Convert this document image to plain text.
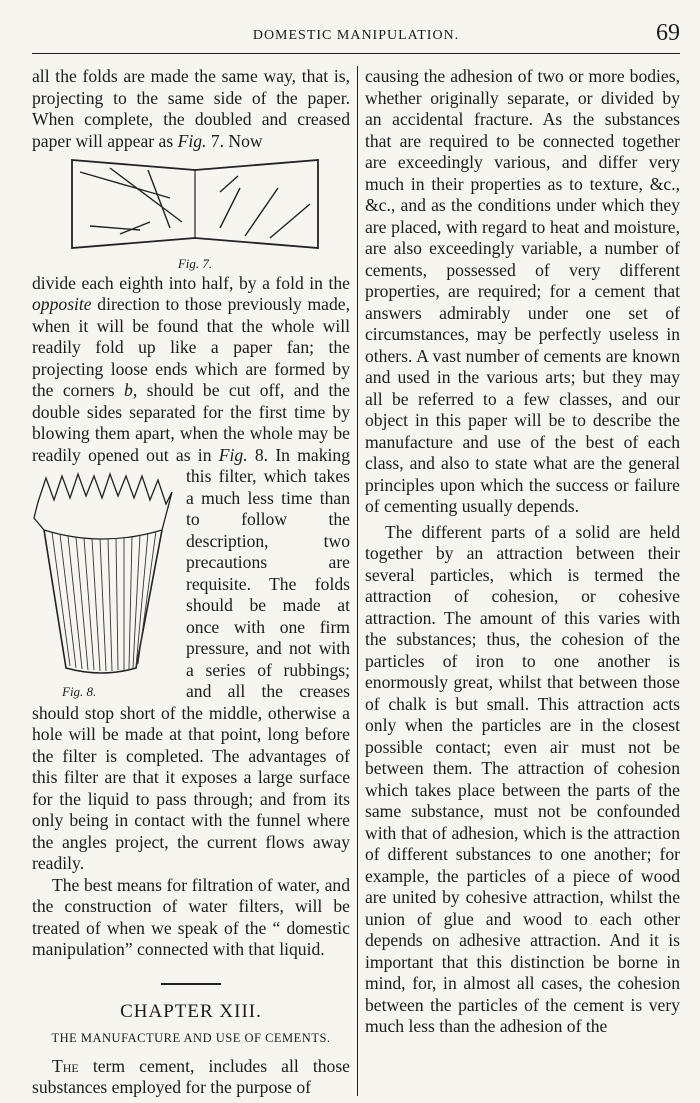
DOMESTIC MANIPULATION.	69

all the folds are made the same way, that is, projecting to the same side of the paper. When complete, the doubled and creased paper will appear as Fig. 7. Now

Fig. 7.

divide each eighth into half, by a fold in the opposite direction to those previously made, when it will be found that the whole will readily fold up like a paper fan; the projecting loose ends which are formed by the corners b, should be cut off, and the double sides separated for the first time by blowing them apart, when the whole may be readily opened out as in
Fig. 8.
Fig. 8. In making this filter, which takes a much less time than to follow the description, two precautions are requisite. The folds should be made at once with one firm pressure, and not with a series of rubbings; and all the creases should stop short of the middle, otherwise a hole will be made at that point, long before the filter is completed. The advantages of this filter are that it exposes a large surface for the liquid to pass through; and from its only being in contact with the funnel where the angles project, the current flows away readily.

The best means for filtration of water, and the construction of water filters, will be treated of when we speak of the “ domestic manipulation” connected with that liquid.

CHAPTER XIII.
THE MANUFACTURE AND USE OF CEMENTS.

The term cement, includes all those substances employed for the purpose of

causing the adhesion of two or more bodies, whether originally separate, or divided by an accidental fracture. As the substances that are required to be connected together are exceedingly various, and differ very much in their properties as to texture, &c., &c., and as the conditions under which they are placed, with regard to heat and moisture, are also exceedingly variable, a number of cements, possessed of very different properties, are required; for a cement that answers admirably under one set of circumstances, may be perfectly useless in others. A vast number of cements are known and used in the various arts; but they may all be referred to a few classes, and our object in this paper will be to describe the manufacture and use of the best of each class, and also to state what are the general principles upon which the success or failure of cementing usually depends.

The different parts of a solid are held together by an attraction between their several particles, which is termed the attraction of cohesion, or cohesive attraction. The amount of this varies with the substances; thus, the cohesion of the particles of iron to one another is enormously great, whilst that between those of chalk is but small. This attraction acts only when the particles are in the closest possible contact; even air must not be between them. The attraction of cohesion which takes place between the parts of the same substance, must not be confounded with that of adhesion, which is the attraction of different substances to one another; for example, the particles of a piece of wood are united by cohesive attraction, whilst the union of glue and wood to each other depends on adhesive attraction. And it is important that this distinction be borne in mind, for, in almost all cases, the cohesion between the particles of the cement is very much less than the adhesion of the
